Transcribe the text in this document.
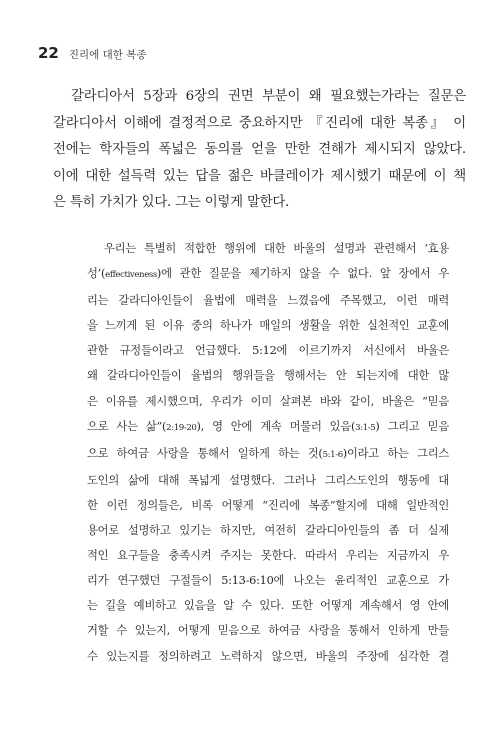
22 진리에 대한 복종
갈라디아서 5장과 6장의 권면 부분이 왜 필요했는가라는 질문은
갈라디아서 이해에 결정적으로 중요하지만 『진리에 대한 복종』 이
전에는 학자들의 폭넓은 동의를 얻을 만한 견해가 제시되지 않았다.
이에 대한 설득력 있는 답을 젊은 바클레이가 제시했기 때문에 이 책
은 특히 가치가 있다. 그는 이렇게 말한다.
우리는 특별히 적합한 행위에 대한 바울의 설명과 관련해서 ‘효용
성’(effectiveness)에 관한 질문을 제기하지 않을 수 없다. 앞 장에서 우
리는 갈라디아인들이 율법에 매력을 느꼈음에 주목했고, 이런 매력
을 느끼게 된 이유 중의 하나가 매일의 생활을 위한 실천적인 교훈에
관한 규정들이라고 언급했다. 5:12에 이르기까지 서신에서 바울은
왜 갈라디아인들이 율법의 행위들을 행해서는 안 되는지에 대한 많
은 이유를 제시했으며, 우리가 이미 살펴본 바와 같이, 바울은 “믿음
으로 사는 삶”(2:19-20), 영 안에 계속 머물러 있음(3:1-5) 그리고 믿음
으로 하여금 사랑을 통해서 일하게 하는 것(5:1-6)이라고 하는 그리스
도인의 삶에 대해 폭넓게 설명했다. 그러나 그리스도인의 행동에 대
한 이런 정의들은, 비록 어떻게 “진리에 복종”할지에 대해 일반적인
용어로 설명하고 있기는 하지만, 여전히 갈라디아인들의 좀 더 실제
적인 요구들을 충족시켜 주지는 못한다. 따라서 우리는 지금까지 우
리가 연구했던 구절들이 5:13-6:10에 나오는 윤리적인 교훈으로 가
는 길을 예비하고 있음을 알 수 있다. 또한 어떻게 계속해서 영 안에
거할 수 있는지, 어떻게 믿음으로 하여금 사랑을 통해서 인하게 만들
수 있는지를 정의하려고 노력하지 않으면, 바울의 주장에 심각한 결
